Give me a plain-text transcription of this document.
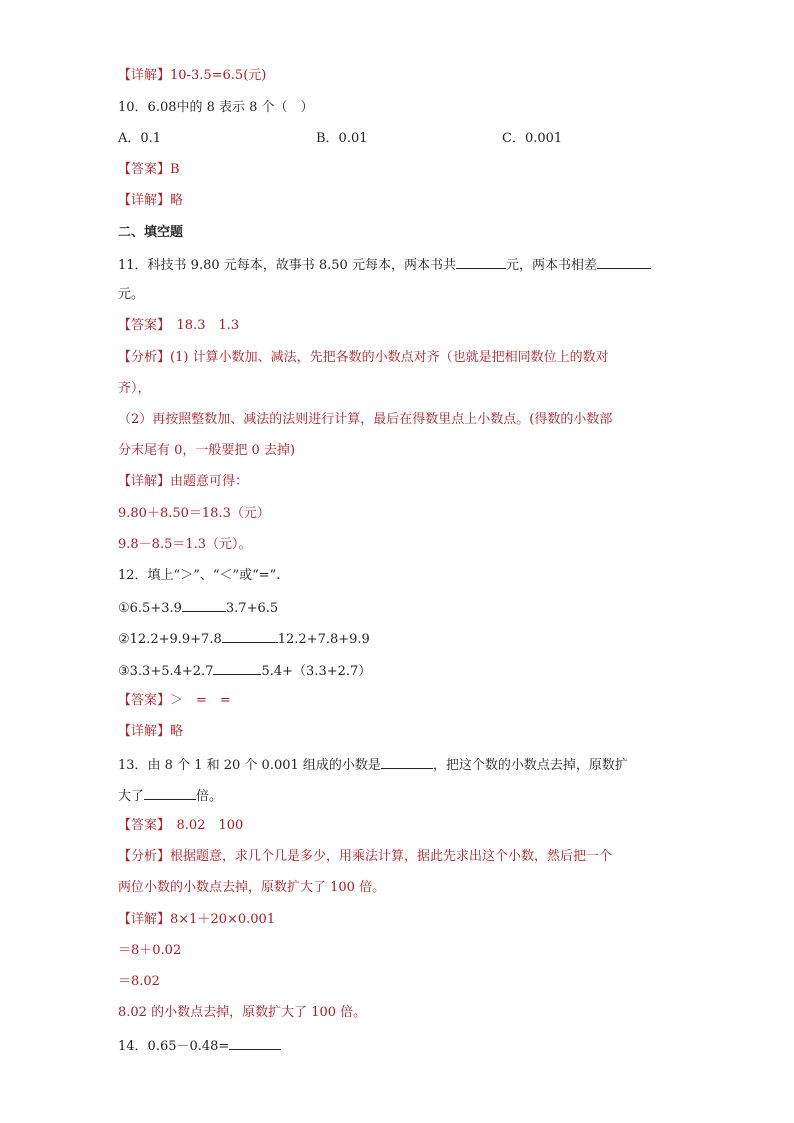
【详解】10-3.5=6.5(元)
10．6.08中的 8 表示 8 个（　）
A．0.1	B．0.01	C．0.001
【答案】B
【详解】略
二、填空题
11．科技书 9.80 元每本，故事书 8.50 元每本，两本书共	元，两本书相差
元。
【答案】　18.3　1.3
【分析】(1) 计算小数加、减法，先把各数的小数点对齐（也就是把相同数位上的数对
齐），
（2）再按照整数加、减法的法则进行计算，最后在得数里点上小数点。(得数的小数部
分末尾有 0，一般要把 0 去掉)
【详解】由题意可得：
9.80＋8.50＝18.3（元）
9.8－8.5＝1.3（元）。
12．填上“＞”、“＜”或“=”.
①6.5+3.9	3.7+6.5
②12.2+9.9+7.8	12.2+7.8+9.9
③3.3+5.4+2.7	5.4+（3.3+2.7）
【答案】＞　=　=
【详解】略
13．由 8 个 1 和 20 个 0.001 组成的小数是	，把这个数的小数点去掉，原数扩
大了	倍。
【答案】　8.02　100
【分析】根据题意，求几个几是多少，用乘法计算，据此先求出这个小数，然后把一个
两位小数的小数点去掉，原数扩大了 100 倍。
【详解】8×1＋20×0.001
＝8＋0.02
＝8.02
8.02 的小数点去掉，原数扩大了 100 倍。
14．0.65－0.48=
